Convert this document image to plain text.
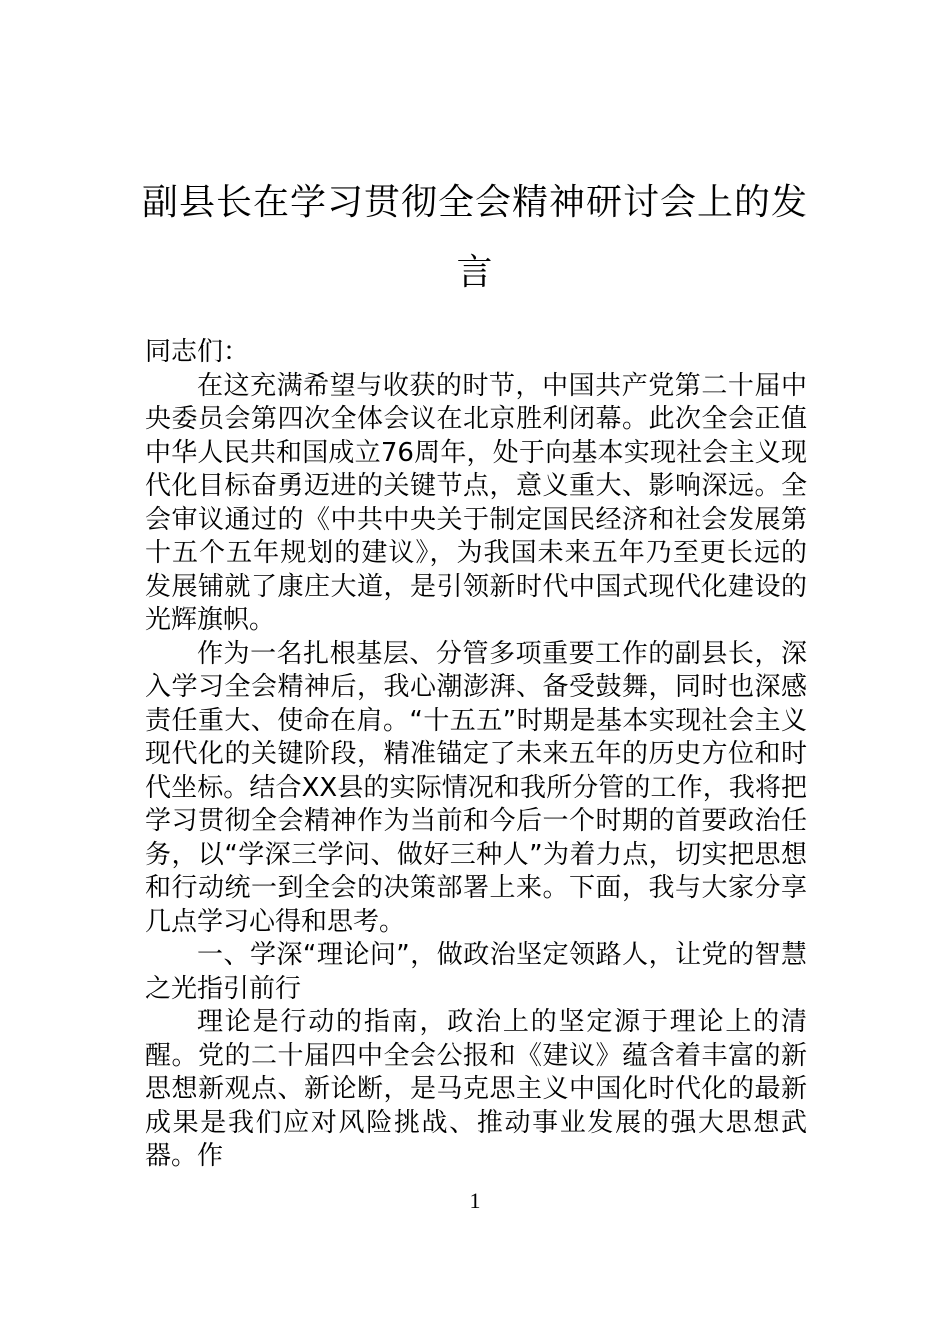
副县长在学习贯彻全会精神研讨会上的发言

同志们：

在这充满希望与收获的时节，中国共产党第二十届中央委员会第四次全体会议在北京胜利闭幕。此次全会正值中华人民共和国成立76周年，处于向基本实现社会主义现代化目标奋勇迈进的关键节点，意义重大、影响深远。全会审议通过的《中共中央关于制定国民经济和社会发展第十五个五年规划的建议》，为我国未来五年乃至更长远的发展铺就了康庄大道，是引领新时代中国式现代化建设的光辉旗帜。

作为一名扎根基层、分管多项重要工作的副县长，深入学习全会精神后，我心潮澎湃、备受鼓舞，同时也深感责任重大、使命在肩。“十五五”时期是基本实现社会主义现代化的关键阶段，精准锚定了未来五年的历史方位和时代坐标。结合XX县的实际情况和我所分管的工作，我将把学习贯彻全会精神作为当前和今后一个时期的首要政治任务，以“学深三学问、做好三种人”为着力点，切实把思想和行动统一到全会的决策部署上来。下面，我与大家分享几点学习心得和思考。

一、学深“理论问”，做政治坚定领路人，让党的智慧之光指引前行

理论是行动的指南，政治上的坚定源于理论上的清醒。党的二十届四中全会公报和《建议》蕴含着丰富的新思想新观点、新论断，是马克思主义中国化时代化的最新成果是我们应对风险挑战、推动事业发展的强大思想武器。作

1
